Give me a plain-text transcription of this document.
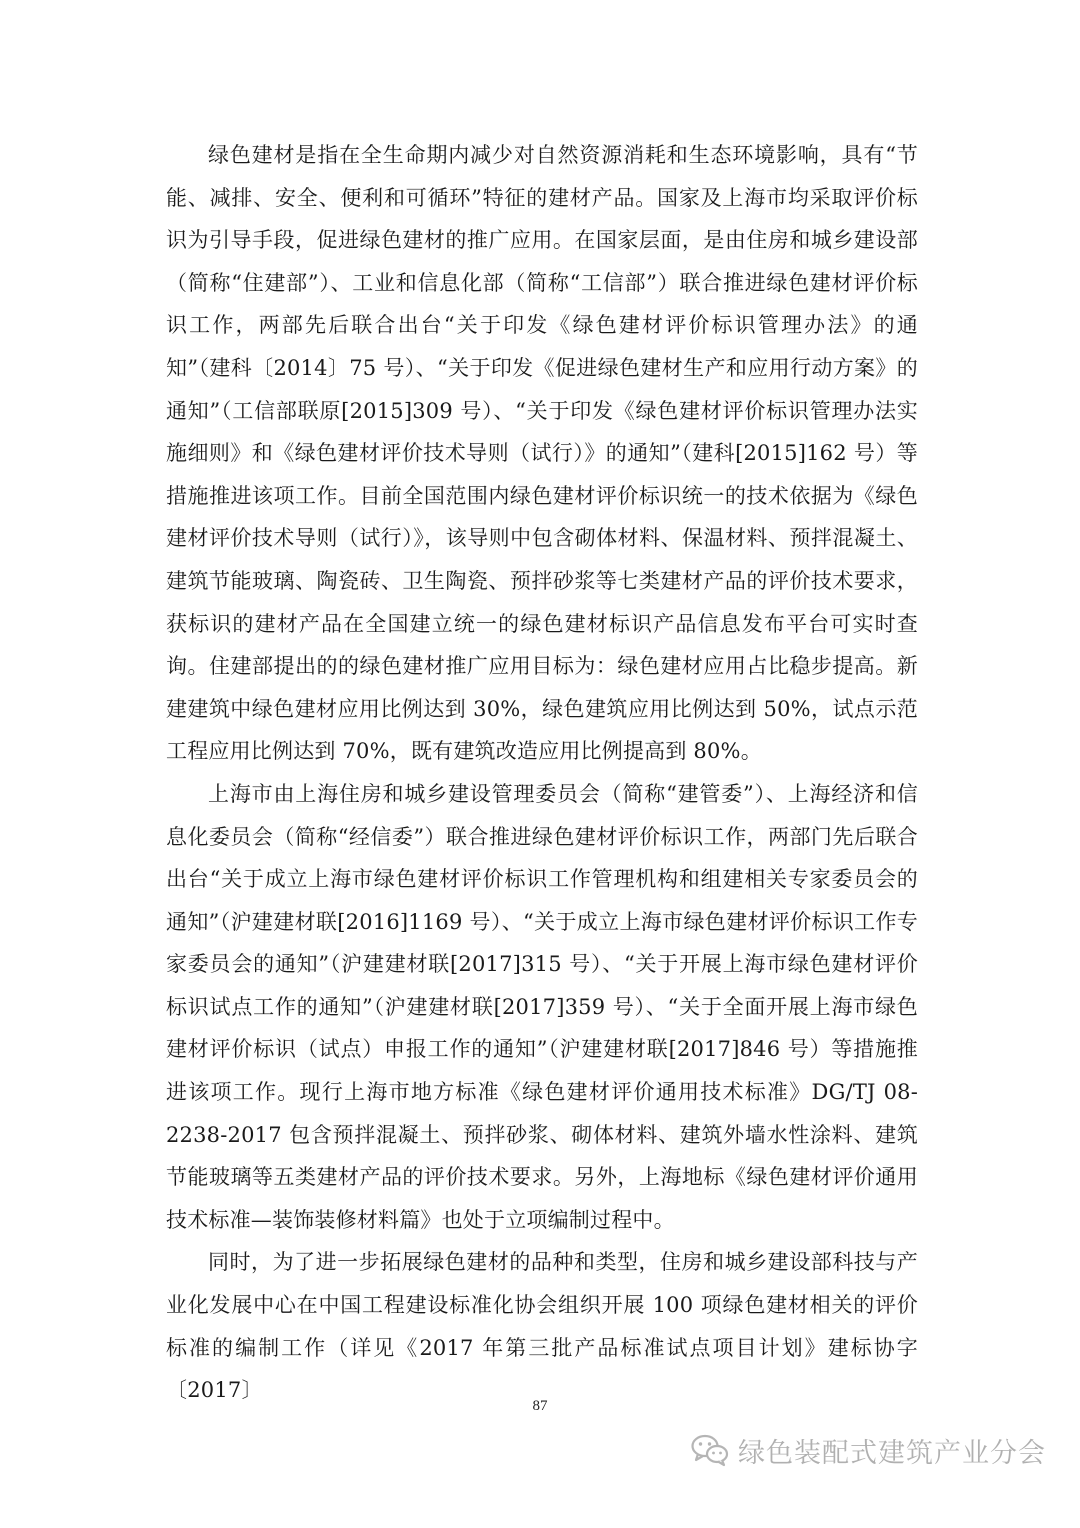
绿色建材是指在全生命期内减少对自然资源消耗和生态环境影响，具有“节能、减排、安全、便利和可循环”特征的建材产品。国家及上海市均采取评价标识为引导手段，促进绿色建材的推广应用。在国家层面，是由住房和城乡建设部（简称“住建部”）、工业和信息化部（简称“工信部”）联合推进绿色建材评价标识工作，两部先后联合出台“关于印发《绿色建材评价标识管理办法》的通知”（建科〔2014〕75 号）、“关于印发《促进绿色建材生产和应用行动方案》的通知”（工信部联原[2015]309 号）、“关于印发《绿色建材评价标识管理办法实施细则》和《绿色建材评价技术导则（试行）》的通知”（建科[2015]162 号）等措施推进该项工作。目前全国范围内绿色建材评价标识统一的技术依据为《绿色建材评价技术导则（试行）》，该导则中包含砌体材料、保温材料、预拌混凝土、建筑节能玻璃、陶瓷砖、卫生陶瓷、预拌砂浆等七类建材产品的评价技术要求，获标识的建材产品在全国建立统一的绿色建材标识产品信息发布平台可实时查询。住建部提出的的绿色建材推广应用目标为：绿色建材应用占比稳步提高。新建建筑中绿色建材应用比例达到 30%，绿色建筑应用比例达到 50%，试点示范工程应用比例达到 70%，既有建筑改造应用比例提高到 80%。

上海市由上海住房和城乡建设管理委员会（简称“建管委”）、上海经济和信息化委员会（简称“经信委”）联合推进绿色建材评价标识工作，两部门先后联合出台“关于成立上海市绿色建材评价标识工作管理机构和组建相关专家委员会的通知”（沪建建材联[2016]1169 号）、“关于成立上海市绿色建材评价标识工作专家委员会的通知”（沪建建材联[2017]315 号）、“关于开展上海市绿色建材评价标识试点工作的通知”（沪建建材联[2017]359 号）、“关于全面开展上海市绿色 建材评价标识（试点）申报工作的通知”（沪建建材联[2017]846 号）等措施推进该项工作。现行上海市地方标准《绿色建材评价通用技术标准》DG/TJ 08-2238-2017 包含预拌混凝土、预拌砂浆、砌体材料、建筑外墙水性涂料、建筑节能玻璃等五类建材产品的评价技术要求。另外，上海地标《绿色建材评价通用技术标准—装饰装修材料篇》也处于立项编制过程中。

同时，为了进一步拓展绿色建材的品种和类型，住房和城乡建设部科技与产业化发展中心在中国工程建设标准化协会组织开展 100 项绿色建材相关的评价标准的编制工作（详见《2017 年第三批产品标准试点项目计划》建标协字〔2017〕

87
绿色装配式建筑产业分会
